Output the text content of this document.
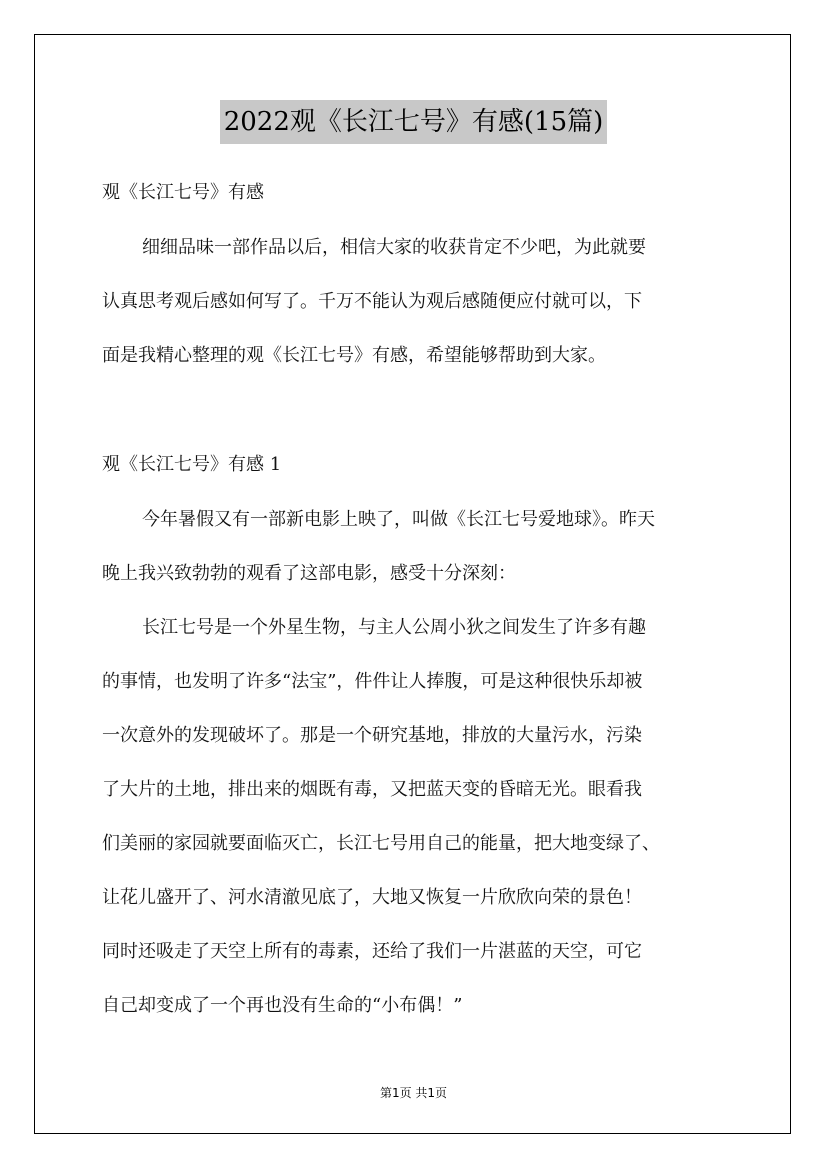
2022观《长江七号》有感(15篇)
观《长江七号》有感
细细品味一部作品以后，相信大家的收获肯定不少吧，为此就要
认真思考观后感如何写了。千万不能认为观后感随便应付就可以，下
面是我精心整理的观《长江七号》有感，希望能够帮助到大家。
观《长江七号》有感 1
今年暑假又有一部新电影上映了，叫做《长江七号爱地球》。昨天
晚上我兴致勃勃的观看了这部电影，感受十分深刻：
长江七号是一个外星生物，与主人公周小狄之间发生了许多有趣
的事情，也发明了许多“法宝”，件件让人捧腹，可是这种很快乐却被
一次意外的发现破坏了。那是一个研究基地，排放的大量污水，污染
了大片的土地，排出来的烟既有毒，又把蓝天变的昏暗无光。眼看我
们美丽的家园就要面临灭亡，长江七号用自己的能量，把大地变绿了、
让花儿盛开了、河水清澈见底了，大地又恢复一片欣欣向荣的景色！
同时还吸走了天空上所有的毒素，还给了我们一片湛蓝的天空，可它
自己却变成了一个再也没有生命的“小布偶！”
第1页 共1页
